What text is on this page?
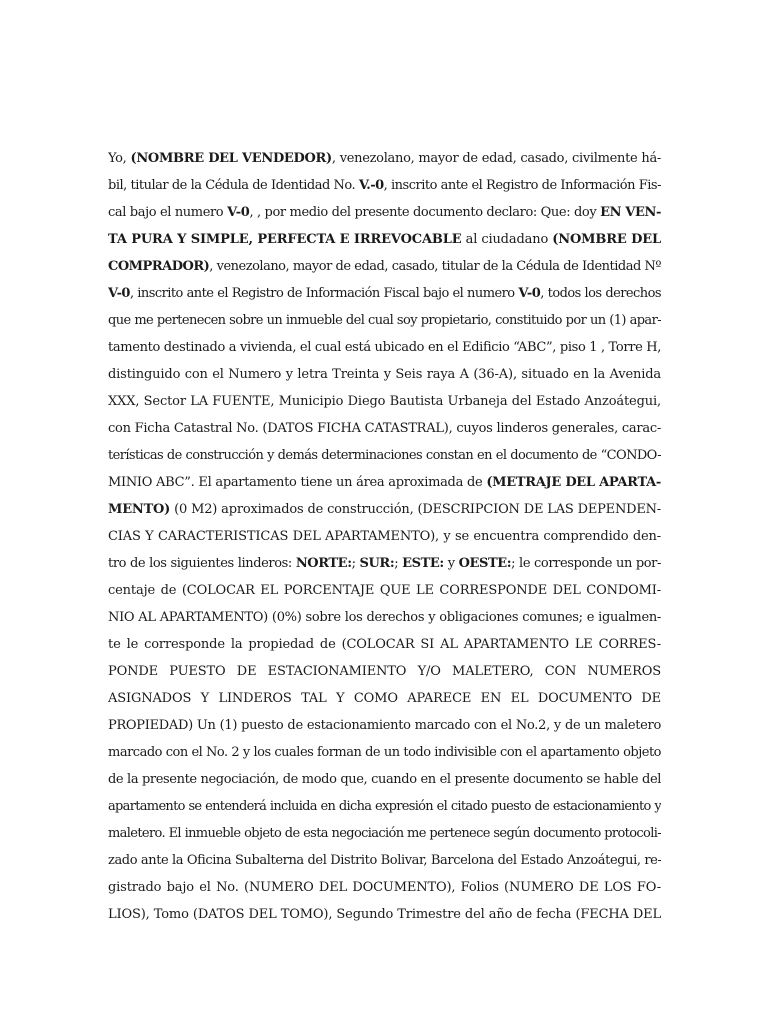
Yo, (NOMBRE DEL VENDEDOR), venezolano, mayor de edad, casado, civilmente há-
bil, titular de la Cédula de Identidad No. V.-0, inscrito ante el Registro de Información Fis-
cal bajo el numero V-0, , por medio del presente documento declaro: Que: doy EN VEN-
TA PURA Y SIMPLE, PERFECTA E IRREVOCABLE al ciudadano (NOMBRE DEL
COMPRADOR), venezolano, mayor de edad, casado, titular de la Cédula de Identidad Nº
V-0, inscrito ante el Registro de Información Fiscal bajo el numero V-0, todos los derechos
que me pertenecen sobre un inmueble del cual soy propietario, constituido por un (1) apar-
tamento destinado a vivienda, el cual está ubicado en el Edificio “ABC”, piso 1 , Torre H,
distinguido con el Numero y letra Treinta y Seis raya A (36-A), situado en la Avenida
XXX, Sector LA FUENTE, Municipio Diego Bautista Urbaneja del Estado Anzoátegui,
con Ficha Catastral No. (DATOS FICHA CATASTRAL), cuyos linderos generales, carac-
terísticas de construcción y demás determinaciones constan en el documento de “CONDO-
MINIO ABC”. El apartamento tiene un área aproximada de (METRAJE DEL APARTA-
MENTO) (0 M2) aproximados de construcción, (DESCRIPCION DE LAS DEPENDEN-
CIAS Y CARACTERISTICAS DEL APARTAMENTO), y se encuentra comprendido den-
tro de los siguientes linderos: NORTE:; SUR:; ESTE: y OESTE:; le corresponde un por-
centaje de (COLOCAR EL PORCENTAJE QUE LE CORRESPONDE DEL CONDOMI-
NIO AL APARTAMENTO) (0%) sobre los derechos y obligaciones comunes; e igualmen-
te le corresponde la propiedad de (COLOCAR SI AL APARTAMENTO LE CORRES-
PONDE PUESTO DE ESTACIONAMIENTO Y/O MALETERO, CON NUMEROS
ASIGNADOS Y LINDEROS TAL Y COMO APARECE EN EL DOCUMENTO DE
PROPIEDAD) Un (1) puesto de estacionamiento marcado con el No.2, y de un maletero
marcado con el No. 2 y los cuales forman de un todo indivisible con el apartamento objeto
de la presente negociación, de modo que, cuando en el presente documento se hable del
apartamento se entenderá incluida en dicha expresión el citado puesto de estacionamiento y
maletero. El inmueble objeto de esta negociación me pertenece según documento protocoli-
zado ante la Oficina Subalterna del Distrito Bolivar, Barcelona del Estado Anzoátegui, re-
gistrado bajo el No. (NUMERO DEL DOCUMENTO), Folios (NUMERO DE LOS FO-
LIOS), Tomo (DATOS DEL TOMO), Segundo Trimestre del año de fecha (FECHA DEL
